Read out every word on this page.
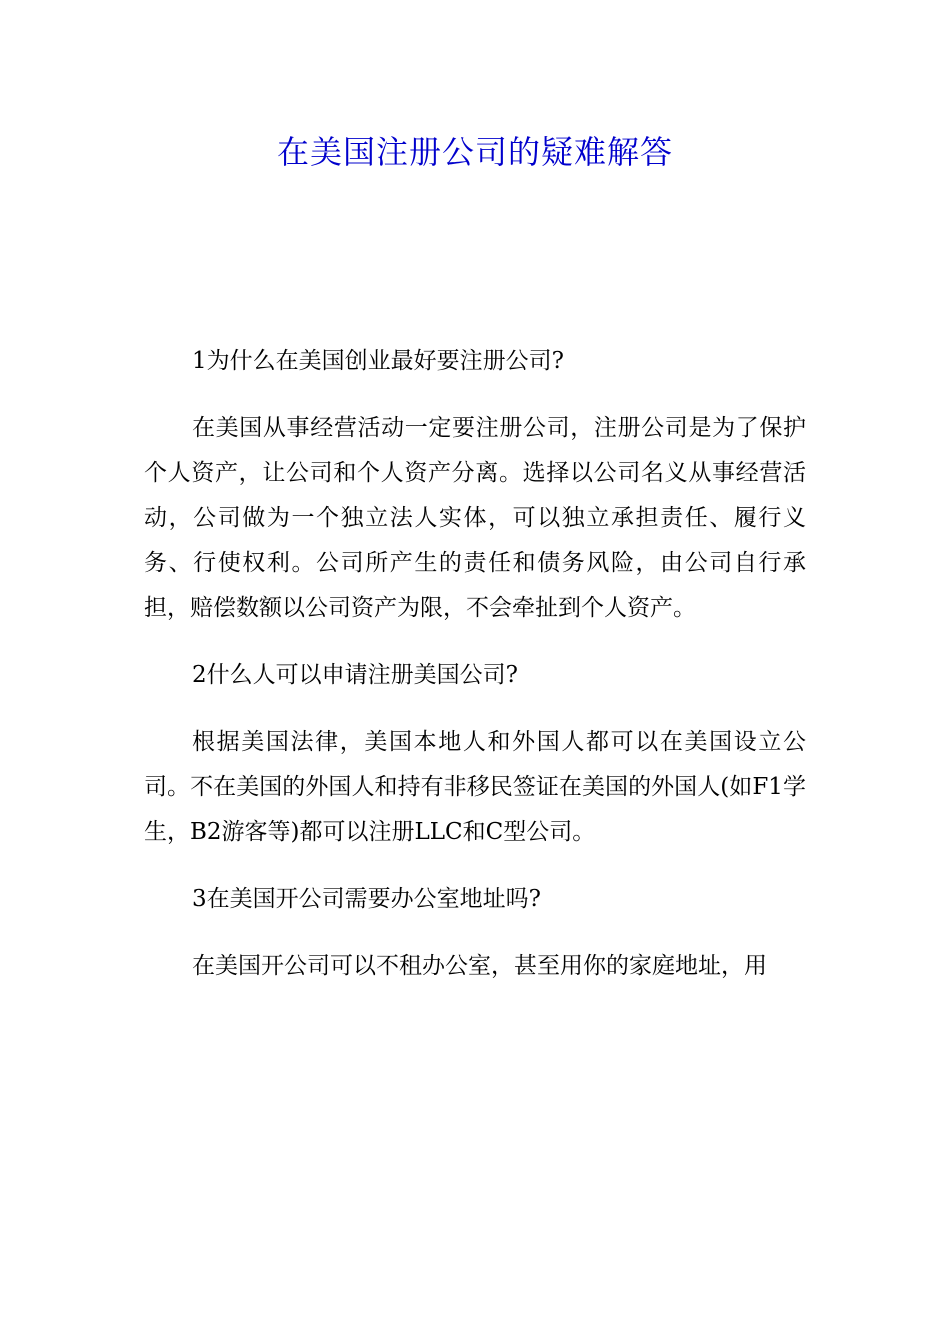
在美国注册公司的疑难解答

1为什么在美国创业最好要注册公司?

在美国从事经营活动一定要注册公司，注册公司是为了保护个人资产，让公司和个人资产分离。选择以公司名义从事经营活动，公司做为一个独立法人实体，可以独立承担责任、履行义务、行使权利。公司所产生的责任和债务风险，由公司自行承担，赔偿数额以公司资产为限，不会牵扯到个人资产。

2什么人可以申请注册美国公司?

根据美国法律，美国本地人和外国人都可以在美国设立公司。不在美国的外国人和持有非移民签证在美国的外国人(如F1学生，B2游客等)都可以注册LLC和C型公司。

3在美国开公司需要办公室地址吗?

在美国开公司可以不租办公室，甚至用你的家庭地址，用
